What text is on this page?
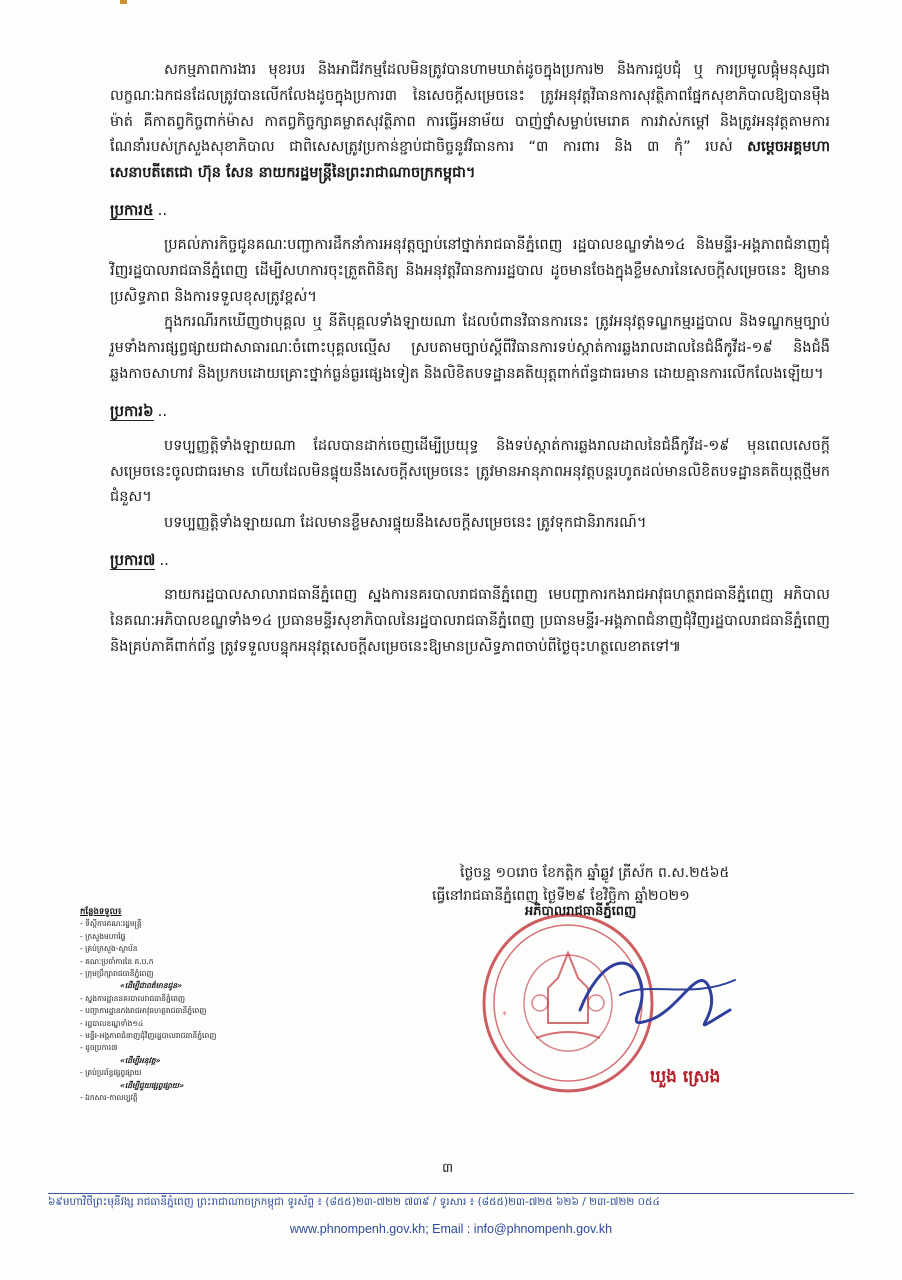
សកម្មភាពការងារ មុខរបរ និងអាជីវកម្មដែលមិនត្រូវបានហាមឃាត់ដូចក្នុងប្រការ២ និងការជួបជុំ ឬ ការប្រមូលផ្ដុំមនុស្សជាលក្ខណៈឯកជនដែលត្រូវបានលើកលែងដូចក្នុងប្រការ៣ នៃសេចក្ដីសម្រេចនេះ ត្រូវអនុវត្តវិធានការសុវត្ថិភាពផ្នែកសុខាភិបាលឱ្យបានម៉ឺងម៉ាត់ គឺកាតព្វកិច្ចពាក់ម៉ាស កាតព្វកិច្ចក្សាគម្លាតសុវត្ថិភាព ការធ្វើអនាម័យ បាញ់ថ្នាំសម្លាប់មេរោគ ការវាស់កម្ដៅ និងត្រូវអនុវត្តតាមការណែនាំរបស់ក្រសួងសុខាភិបាល ជាពិសេសត្រូវប្រកាន់ខ្ជាប់ជាចិច្ចនូវវិធានការ “៣ ការពារ និង ៣ កុំ” របស់ សម្ដេចអគ្គមហាសេនាបតីតេជោ ហ៊ុន សែន នាយករដ្ឋមន្ត្រីនៃព្រះរាជាណាចក្រកម្ពុជា។

ប្រការ៥ ..

ប្រគល់ភារកិច្ចជូនគណៈបញ្ជាការដឹកនាំការអនុវត្តច្បាប់នៅថ្នាក់រាជធានីភ្នំពេញ រដ្ឋបាលខណ្ឌទាំង១៤ និងមន្ទីរ-អង្គភាពជំនាញជុំវិញរដ្ឋបាលរាជធានីភ្នំពេញ ដើម្បីសហការចុះត្រួតពិនិត្យ និងអនុវត្តវិធានការរដ្ឋបាល ដូចមានចែងក្នុងខ្លឹមសារនៃសេចក្ដីសម្រេចនេះ ឱ្យមានប្រសិទ្ធភាព និងការទទួលខុសត្រូវខ្ពស់។

ក្នុងករណីរកឃើញថាបុគ្គល ឬ នីតិបុគ្គលទាំងឡាយណា ដែលបំពានវិធានការនេះ ត្រូវអនុវត្តទណ្ឌកម្មរដ្ឋបាល និងទណ្ឌកម្មច្បាប់ រួមទាំងការផ្សព្វផ្សាយជាសាធារណៈចំពោះបុគ្គលល្មើស ស្របតាមច្បាប់ស្ដីពីវិធានការទប់ស្កាត់ការឆ្លងរាលដាលនៃជំងឺកូវីដ-១៩ និងជំងឺឆ្លងកាចសាហាវ និងប្រកបដោយគ្រោះថ្នាក់ធ្ងន់ធ្ងរផ្សេងទៀត និងលិខិតបទដ្ឋានគតិយុត្តពាក់ព័ន្ធជាធរមាន ដោយគ្មានការលើកលែងឡើយ។

ប្រការ៦ ..

បទប្បញ្ញត្តិទាំងឡាយណា ដែលបានដាក់ចេញដើម្បីប្រយុទ្ធ និងទប់ស្កាត់ការឆ្លងរាលដាលនៃជំងឺកូវីដ-១៩ មុនពេលសេចក្ដីសម្រេចនេះចូលជាធរមាន ហើយដែលមិនផ្ទុយនឹងសេចក្ដីសម្រេចនេះ ត្រូវមានអានុភាពអនុវត្តបន្តរហូតដល់មានលិខិតបទដ្ឋានគតិយុត្តថ្មីមកជំនួស។

បទប្បញ្ញត្តិទាំងឡាយណា ដែលមានខ្លឹមសារផ្ទុយនឹងសេចក្ដីសម្រេចនេះ ត្រូវទុកជានិរាករណ៍។

ប្រការ៧ ..

នាយករដ្ឋបាលសាលារាជធានីភ្នំពេញ ស្នងការនគរបាលរាជធានីភ្នំពេញ មេបញ្ជាការកងរាជអាវុធហត្ថរាជធានីភ្នំពេញ អភិបាល នៃគណៈអភិបាលខណ្ឌទាំង១៤ ប្រធានមន្ទីរសុខាភិបាលនៃរដ្ឋបាលរាជធានីភ្នំពេញ ប្រធានមន្ទីរ-អង្គភាពជំនាញជុំវិញរដ្ឋបាលរាជធានីភ្នំពេញ និងគ្រប់ភាគីពាក់ព័ន្ធ ត្រូវទទួលបន្ទុកអនុវត្តសេចក្ដីសម្រេចនេះឱ្យមានប្រសិទ្ធភាពចាប់ពីថ្ងៃចុះហត្ថលេខាតទៅ៕

ថ្ងៃចន្ទ ១០រោច ខែកត្តិក ឆ្នាំឆ្លូវ ត្រីស័ក ព.ស.២៥៦៥
ធ្វើនៅរាជធានីភ្នំពេញ ថ្ងៃទី២៩ ខែវិច្ឆិកា ឆ្នាំ២០២១
*
អភិបាលរាជធានីភ្នំពេញ
ឃួង ស្រេង
កន្លែងទទួល៖
- ទីស្ដីការគណៈរដ្ឋមន្ត្រី
- ក្រសួងមហាផ្ទៃ
- គ្រប់ក្រសួង-ស្ថាប័ន
- គណៈប្រចាំការនៃ គ.ប.ក
- ក្រុមប្រឹក្សារាជធានីភ្នំពេញ
«ដើម្បីជាពត៌មានជូន»
- ស្នងការដ្ឋាននគរបាលរាជធានីភ្នំពេញ
- បញ្ជាការដ្ឋានកងរាជអាវុធហត្ថរាជធានីភ្នំពេញ
- រដ្ឋបាលខណ្ឌទាំង១៤
- មន្ទីរ-អង្គភាពជំនាញជុំវិញរដ្ឋបាលរាជធានីភ្នំពេញ
- ដូចប្រការ៧
«ដើម្បីអនុវត្ត»
- គ្រប់ប្រព័ន្ធផ្សព្វផ្សាយ
«ដើម្បីជួយផ្សព្វផ្សាយ»
- ឯកសារ-កាលប្បវត្តិ
៣
៦៩មហាវិថីព្រះមុនីវង្ស រាជធានីភ្នំពេញ ព្រះរាជាណាចក្រកម្ពុជា ទូរស័ព្ទ ៖ (៨៥៥)២៣-៧២២ ៧៣៩ / ទូរសារ ៖ (៨៥៥)២៣-៧២៥ ៦២៦ / ២៣-៧២២ ០៥៤
www.phnompenh.gov.kh; Email : info@phnompenh.gov.kh
